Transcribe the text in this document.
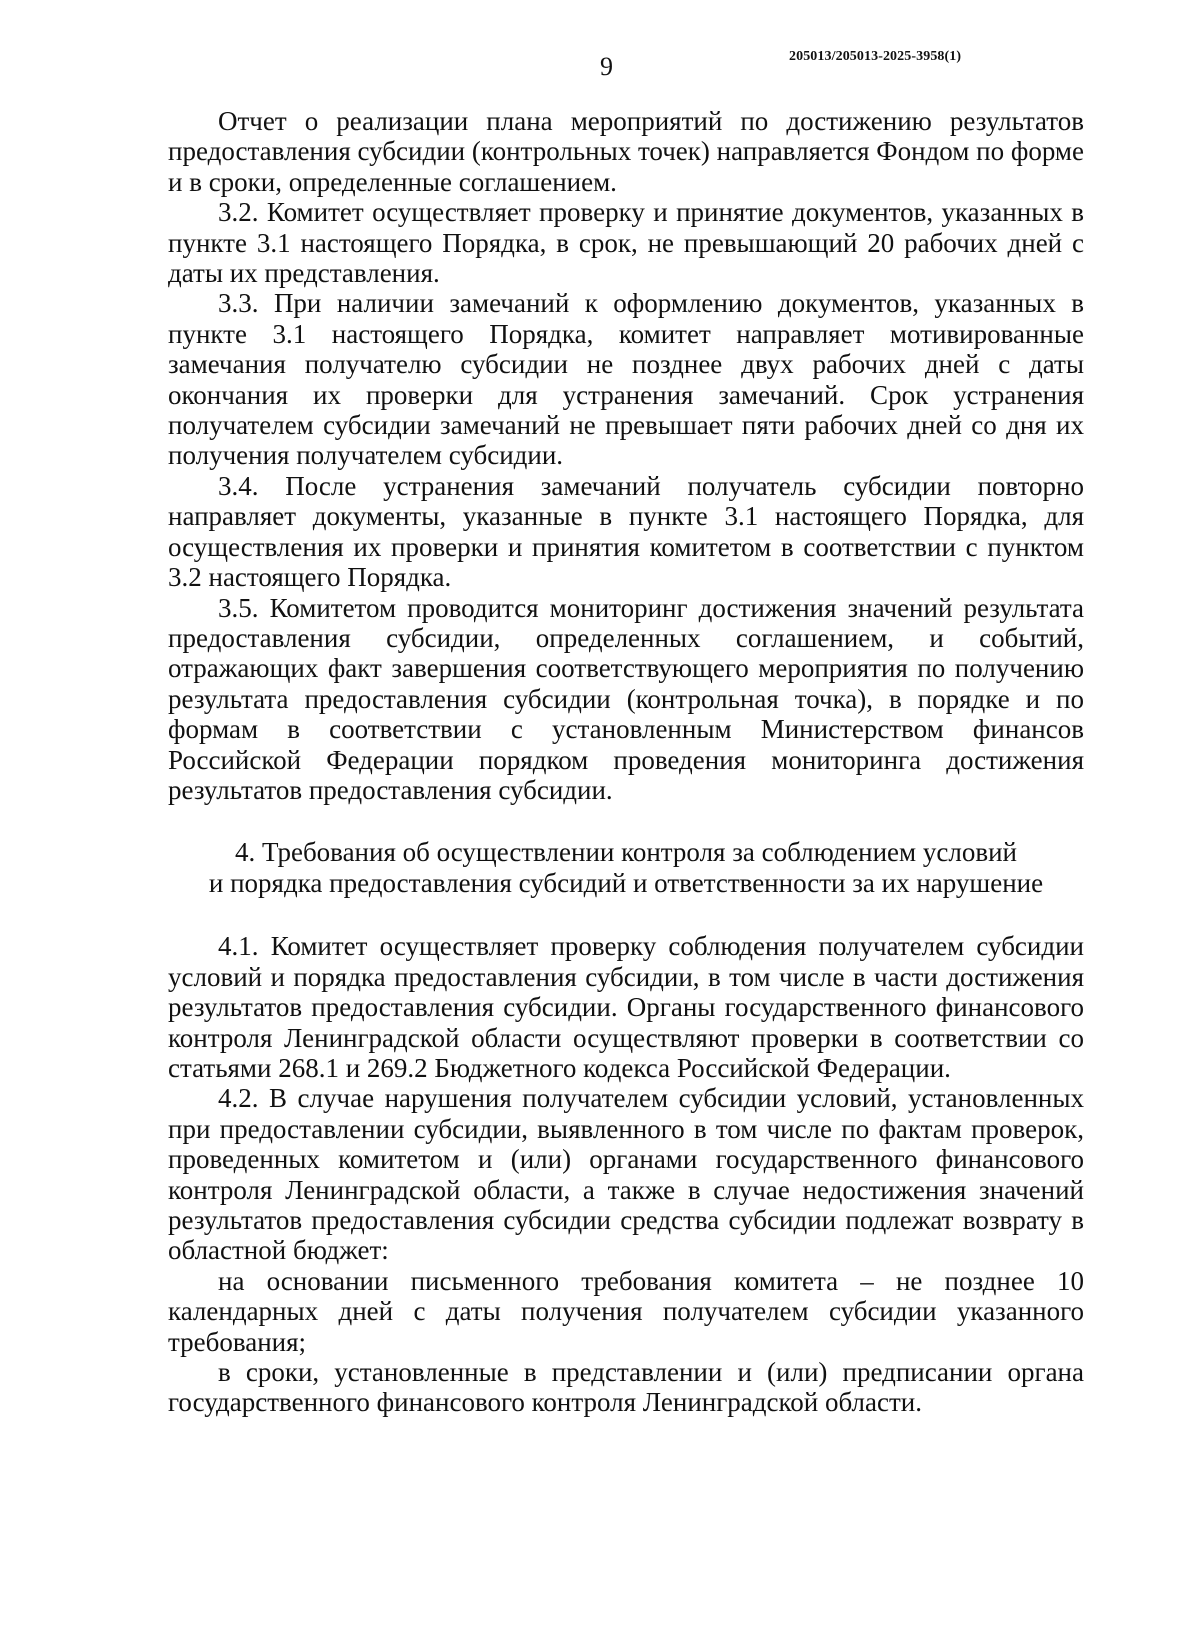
9	205013/205013-2025-3958(1)

Отчет о реализации плана мероприятий по достижению результатов предоставления субсидии (контрольных точек) направляется Фондом по форме и в сроки, определенные соглашением.

3.2. Комитет осуществляет проверку и принятие документов, указанных в пункте 3.1 настоящего Порядка, в срок, не превышающий 20 рабочих дней с даты их представления.

3.3. При наличии замечаний к оформлению документов, указанных в пункте 3.1 настоящего Порядка, комитет направляет мотивированные замечания получателю субсидии не позднее двух рабочих дней с даты окончания их проверки для устранения замечаний. Срок устранения получателем субсидии замечаний не превышает пяти рабочих дней со дня их получения получателем субсидии.

3.4. После устранения замечаний получатель субсидии повторно направляет документы, указанные в пункте 3.1 настоящего Порядка, для осуществления их проверки и принятия комитетом в соответствии с пунктом 3.2 настоящего Порядка.

3.5. Комитетом проводится мониторинг достижения значений результата предоставления субсидии, определенных соглашением, и событий, отражающих факт завершения соответствующего мероприятия по получению результата предоставления субсидии (контрольная точка), в порядке и по формам в соответствии с установленным Министерством финансов Российской Федерации порядком проведения мониторинга достижения результатов предоставления субсидии.

4. Требования об осуществлении контроля за соблюдением условий
и порядка предоставления субсидий и ответственности за их нарушение

4.1. Комитет осуществляет проверку соблюдения получателем субсидии условий и порядка предоставления субсидии, в том числе в части достижения результатов предоставления субсидии. Органы государственного финансового контроля Ленинградской области осуществляют проверки в соответствии со статьями 268.1 и 269.2 Бюджетного кодекса Российской Федерации.

4.2. В случае нарушения получателем субсидии условий, установленных при предоставлении субсидии, выявленного в том числе по фактам проверок, проведенных комитетом и (или) органами государственного финансового контроля Ленинградской области, а также в случае недостижения значений результатов предоставления субсидии средства субсидии подлежат возврату в областной бюджет:

на основании письменного требования комитета – не позднее 10 календарных дней с даты получения получателем субсидии указанного требования;

в сроки, установленные в представлении и (или) предписании органа государственного финансового контроля Ленинградской области.
